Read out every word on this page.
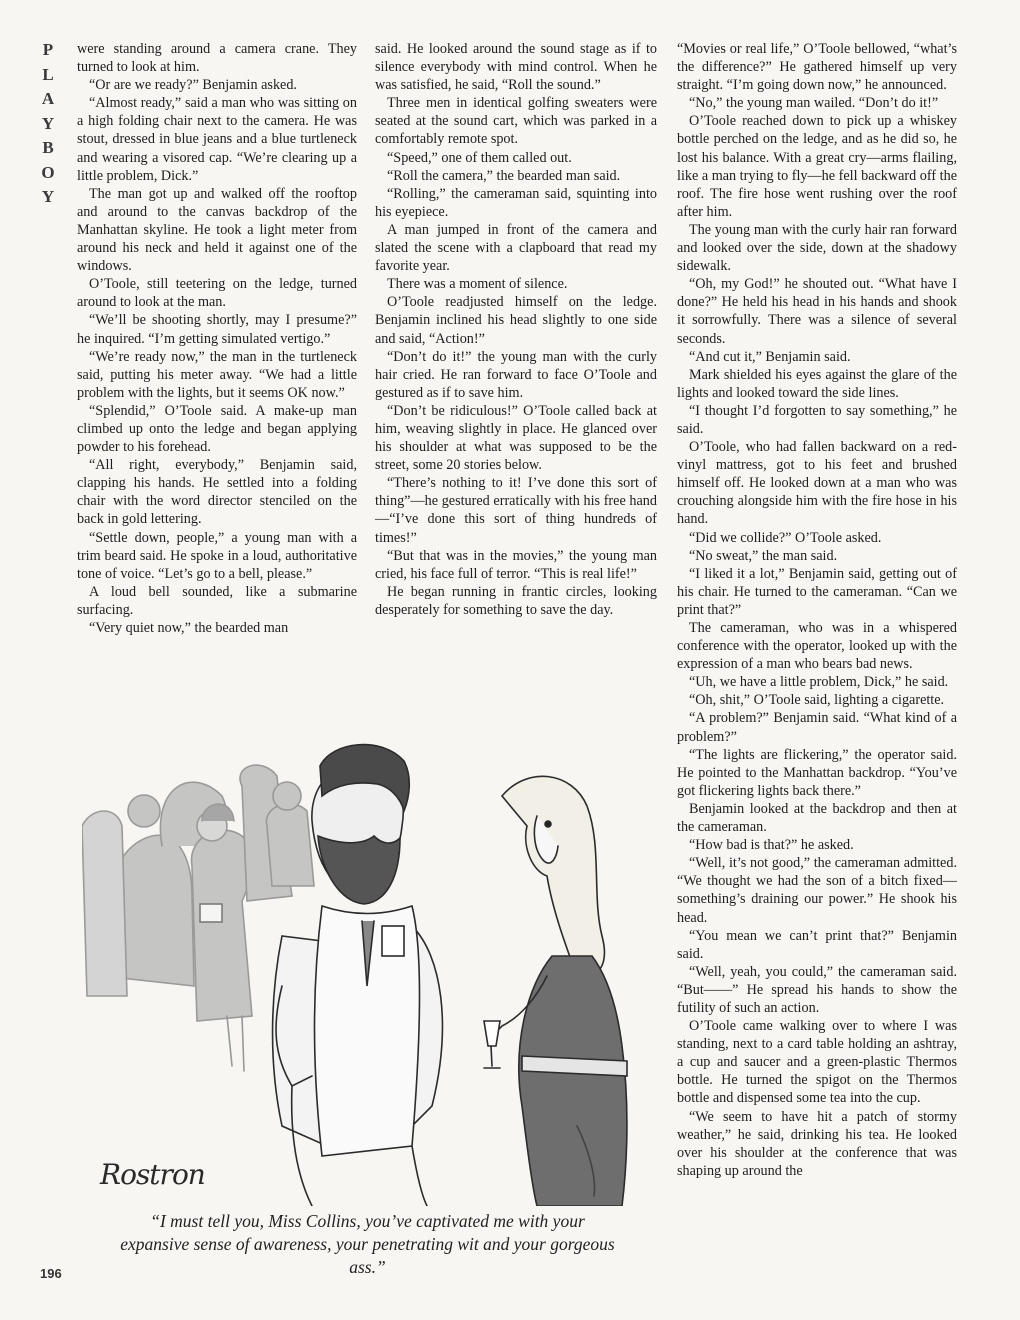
P
L
A
Y
B
O
Y

were standing around a camera crane. They turned to look at him.

“Or are we ready?” Benjamin asked.

“Almost ready,” said a man who was sitting on a high folding chair next to the camera. He was stout, dressed in blue jeans and a blue turtleneck and wearing a visored cap. “We’re clearing up a little problem, Dick.”

The man got up and walked off the rooftop and around to the canvas backdrop of the Manhattan skyline. He took a light meter from around his neck and held it against one of the windows.

O’Toole, still teetering on the ledge, turned around to look at the man.

“We’ll be shooting shortly, may I presume?” he inquired. “I’m getting simulated vertigo.”

“We’re ready now,” the man in the turtleneck said, putting his meter away. “We had a little problem with the lights, but it seems OK now.”

“Splendid,” O’Toole said. A make-up man climbed up onto the ledge and began applying powder to his forehead.

“All right, everybody,” Benjamin said, clapping his hands. He settled into a folding chair with the word director stenciled on the back in gold lettering.

“Settle down, people,” a young man with a trim beard said. He spoke in a loud, authoritative tone of voice. “Let’s go to a bell, please.”

A loud bell sounded, like a submarine surfacing.

“Very quiet now,” the bearded man

said. He looked around the sound stage as if to silence everybody with mind control. When he was satisfied, he said, “Roll the sound.”

Three men in identical golfing sweaters were seated at the sound cart, which was parked in a comfortably remote spot.

“Speed,” one of them called out.

“Roll the camera,” the bearded man said.

“Rolling,” the cameraman said, squinting into his eyepiece.

A man jumped in front of the camera and slated the scene with a clapboard that read my favorite year.

There was a moment of silence.

O’Toole readjusted himself on the ledge. Benjamin inclined his head slightly to one side and said, “Action!”

“Don’t do it!” the young man with the curly hair cried. He ran forward to face O’Toole and gestured as if to save him.

“Don’t be ridiculous!” O’Toole called back at him, weaving slightly in place. He glanced over his shoulder at what was supposed to be the street, some 20 stories below.

“There’s nothing to it! I’ve done this sort of thing”—he gestured erratically with his free hand—“I’ve done this sort of thing hundreds of times!”

“But that was in the movies,” the young man cried, his face full of terror. “This is real life!”

He began running in frantic circles, looking desperately for something to save the day.

“Movies or real life,” O’Toole bellowed, “what’s the difference?” He gathered himself up very straight. “I’m going down now,” he announced.

“No,” the young man wailed. “Don’t do it!”

O’Toole reached down to pick up a whiskey bottle perched on the ledge, and as he did so, he lost his balance. With a great cry—arms flailing, like a man trying to fly—he fell backward off the roof. The fire hose went rushing over the roof after him.

The young man with the curly hair ran forward and looked over the side, down at the shadowy sidewalk.

“Oh, my God!” he shouted out. “What have I done?” He held his head in his hands and shook it sorrowfully. There was a silence of several seconds.

“And cut it,” Benjamin said.

Mark shielded his eyes against the glare of the lights and looked toward the side lines.

“I thought I’d forgotten to say something,” he said.

O’Toole, who had fallen backward on a red-vinyl mattress, got to his feet and brushed himself off. He looked down at a man who was crouching alongside him with the fire hose in his hand.

“Did we collide?” O’Toole asked.

“No sweat,” the man said.

“I liked it a lot,” Benjamin said, getting out of his chair. He turned to the cameraman. “Can we print that?”

The cameraman, who was in a whispered conference with the operator, looked up with the expression of a man who bears bad news.

“Uh, we have a little problem, Dick,” he said.

“Oh, shit,” O’Toole said, lighting a cigarette.

“A problem?” Benjamin said. “What kind of a problem?”

“The lights are flickering,” the operator said. He pointed to the Manhattan backdrop. “You’ve got flickering lights back there.”

Benjamin looked at the backdrop and then at the cameraman.

“How bad is that?” he asked.

“Well, it’s not good,” the cameraman admitted. “We thought we had the son of a bitch fixed—something’s draining our power.” He shook his head.

“You mean we can’t print that?” Benjamin said.

“Well, yeah, you could,” the cameraman said. “But——” He spread his hands to show the futility of such an action.

O’Toole came walking over to where I was standing, next to a card table holding an ashtray, a cup and saucer and a green-plastic Thermos bottle. He turned the spigot on the Thermos bottle and dispensed some tea into the cup.

“We seem to have hit a patch of stormy weather,” he said, drinking his tea. He looked over his shoulder at the conference that was shaping up around the

Rostron
“I must tell you, Miss Collins, you’ve captivated me with your expansive sense of awareness, your penetrating wit and your gorgeous ass.”
196
